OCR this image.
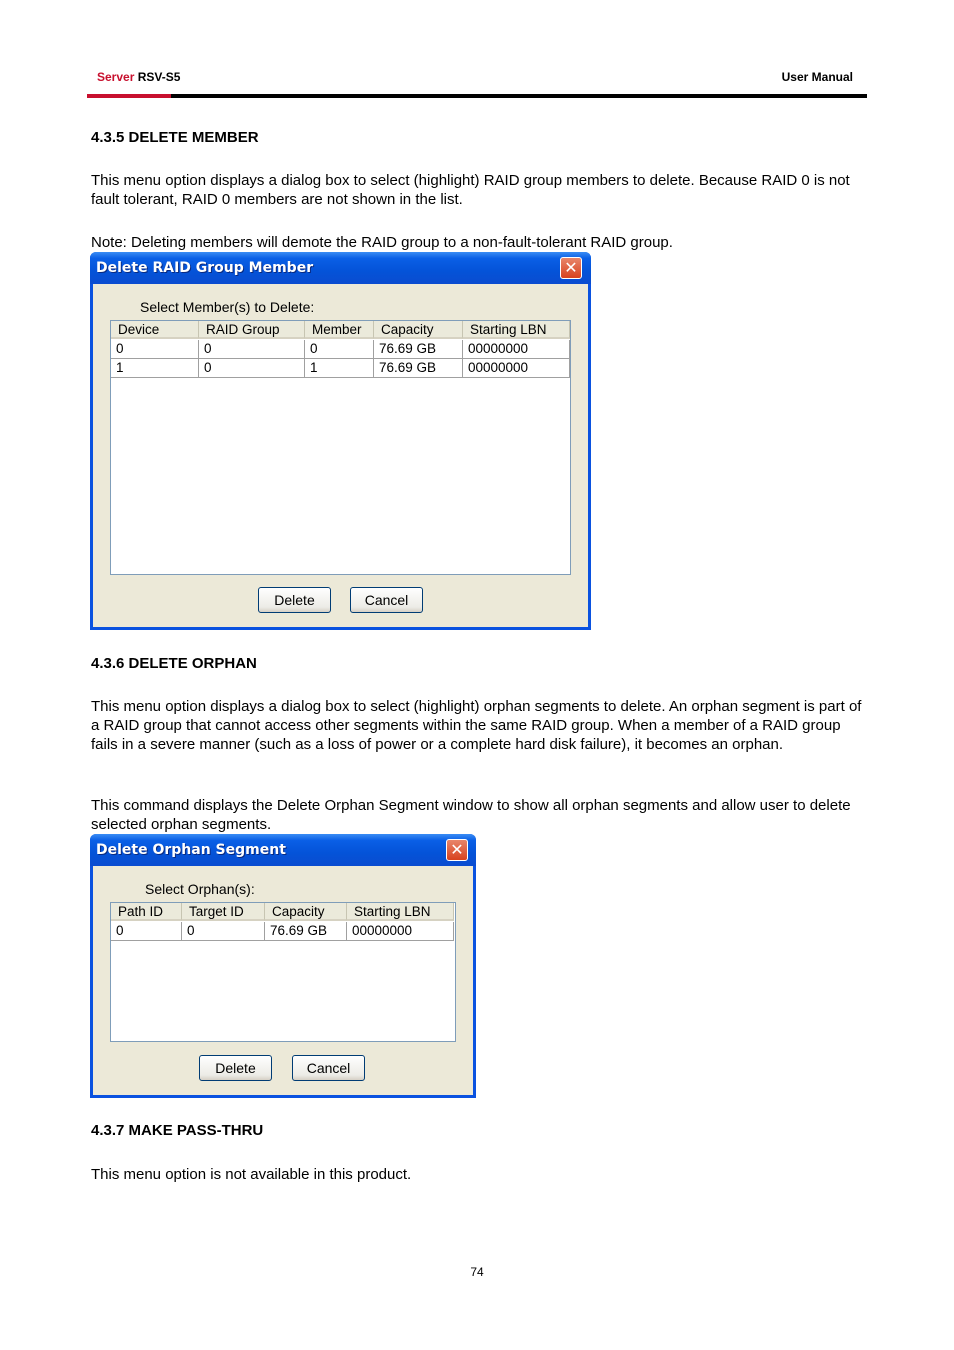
Server RSV-S5	User Manual
4.3.5 DELETE MEMBER
This menu option displays a dialog box to select (highlight) RAID group members to delete. Because RAID 0 is not fault tolerant, RAID 0 members are not shown in the list.
Note: Deleting members will demote the RAID group to a non-fault-tolerant RAID group.
Delete RAID Group Member	✕
Select Member(s) to Delete:
Device	RAID Group	Member	Capacity	Starting LBN
0	0	0	76.69 GB	00000000
1	0	1	76.69 GB	00000000
Delete	Cancel
4.3.6 DELETE ORPHAN
This menu option displays a dialog box to select (highlight) orphan segments to delete. An orphan segment is part of a RAID group that cannot access other segments within the same RAID group. When a member of a RAID group fails in a severe manner (such as a loss of power or a complete hard disk failure), it becomes an orphan.
This command displays the Delete Orphan Segment window to show all orphan segments and allow user to delete selected orphan segments.
Delete Orphan Segment	✕
Select Orphan(s):
Path ID	Target ID	Capacity	Starting LBN
0	0	76.69 GB	00000000
Delete	Cancel
4.3.7 MAKE PASS-THRU
This menu option is not available in this product.
74
